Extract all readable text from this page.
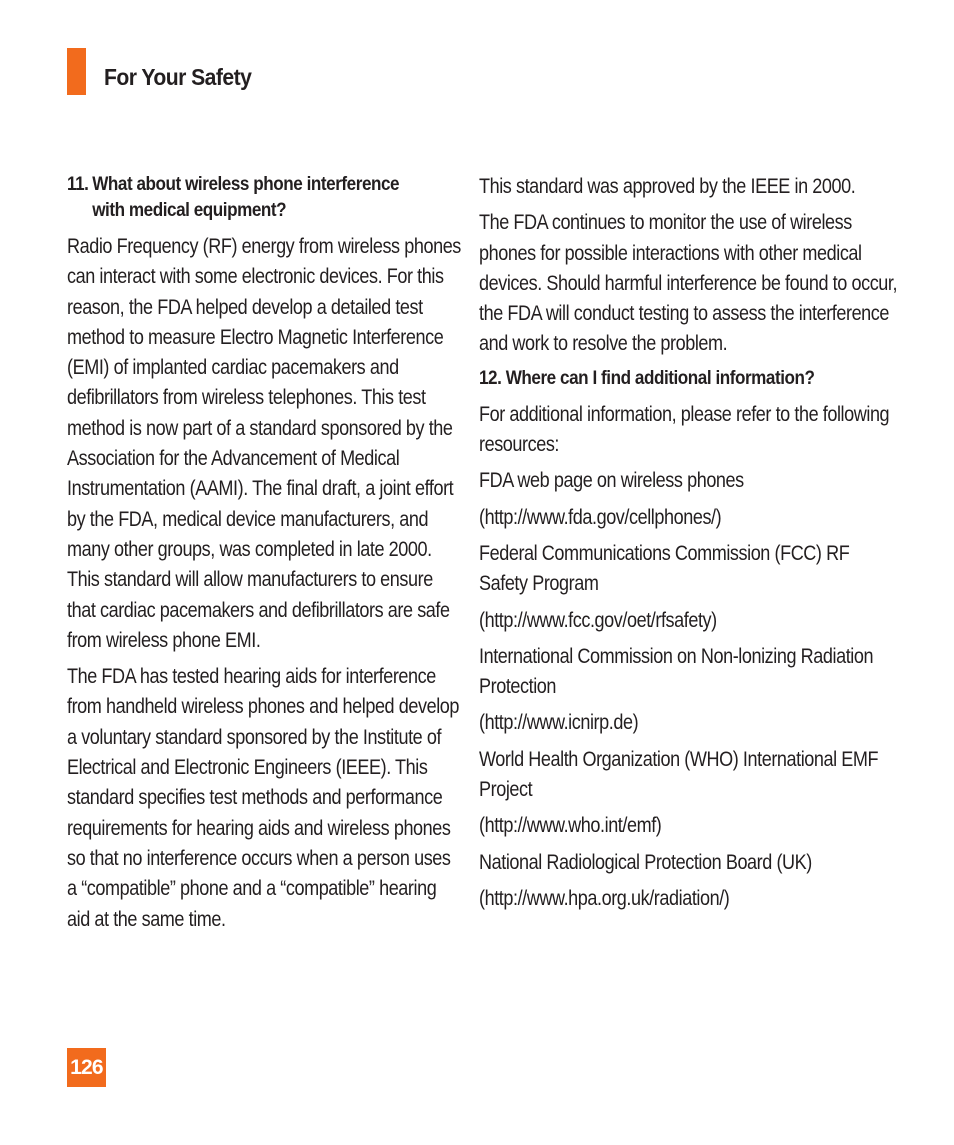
For Your Safety
11. What about wireless phone interference
with medical equipment?

Radio Frequency (RF) energy from wireless phones can interact with some electronic devices. For this reason, the FDA helped develop a detailed test method to measure Electro Magnetic Interference (EMI) of implanted cardiac pacemakers and defibrillators from wireless telephones. This test method is now part of a standard sponsored by the Association for the Advancement of Medical Instrumentation (AAMI). The final draft, a joint effort by the FDA, medical device manufacturers, and many other groups, was completed in late 2000. This standard will allow manufacturers to ensure that cardiac pacemakers and defibrillators are safe from wireless phone EMI.

The FDA has tested hearing aids for interference from handheld wireless phones and helped develop a voluntary standard sponsored by the Institute of Electrical and Electronic Engineers (IEEE). This standard specifies test methods and performance requirements for hearing aids and wireless phones so that no interference occurs when a person uses a “compatible” phone and a “compatible” hearing aid at the same time.

This standard was approved by the IEEE in 2000.

The FDA continues to monitor the use of wireless phones for possible interactions with other medical devices. Should harmful interference be found to occur, the FDA will conduct testing to assess the interference and work to resolve the problem.

12. Where can I find additional information?

For additional information, please refer to the following resources:

FDA web page on wireless phones

(http://www.fda.gov/cellphones/)

Federal Communications Commission (FCC) RF Safety Program

(http://www.fcc.gov/oet/rfsafety)

International Commission on Non-lonizing Radiation Protection

(http://www.icnirp.de)

World Health Organization (WHO) International EMF Project

(http://www.who.int/emf)

National Radiological Protection Board (UK)

(http://www.hpa.org.uk/radiation/)

126
